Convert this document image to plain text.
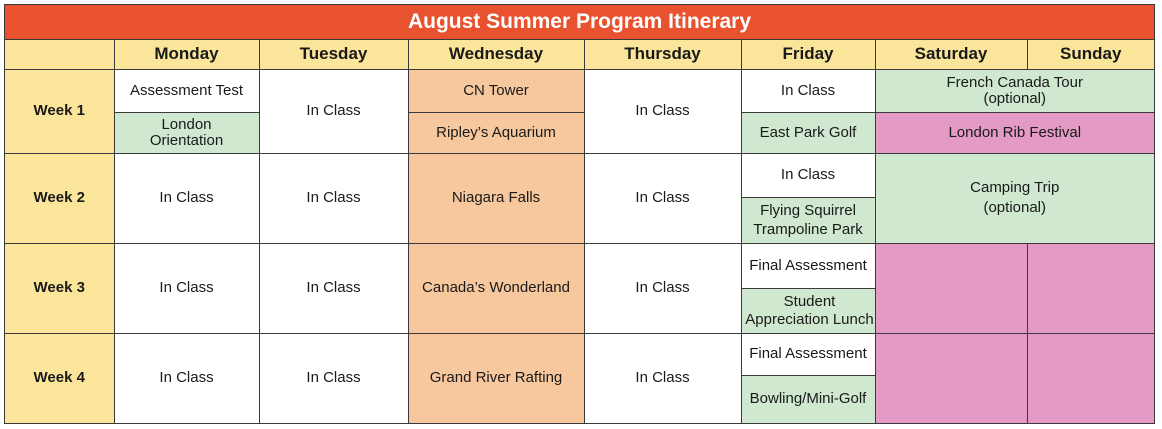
August Summer Program Itinerary
	Monday	Tuesday	Wednesday	Thursday	Friday	Saturday	Sunday
Week 1	Assessment Test	In Class	CN Tower	In Class	In Class	French Canada Tour (optional)	
	London Orientation		Ripley’s Aquarium		East Park Golf	London Rib Festival	
Week 2	In Class	In Class	Niagara Falls	In Class	In Class	Camping Trip (optional)	
					Flying Squirrel Trampoline Park		
Week 3	In Class	In Class	Canada’s Wonderland	In Class	Final Assessment		
					Student Appreciation Lunch		
Week 4	In Class	In Class	Grand River Rafting	In Class	Final Assessment		
					Bowling/Mini-Golf		
